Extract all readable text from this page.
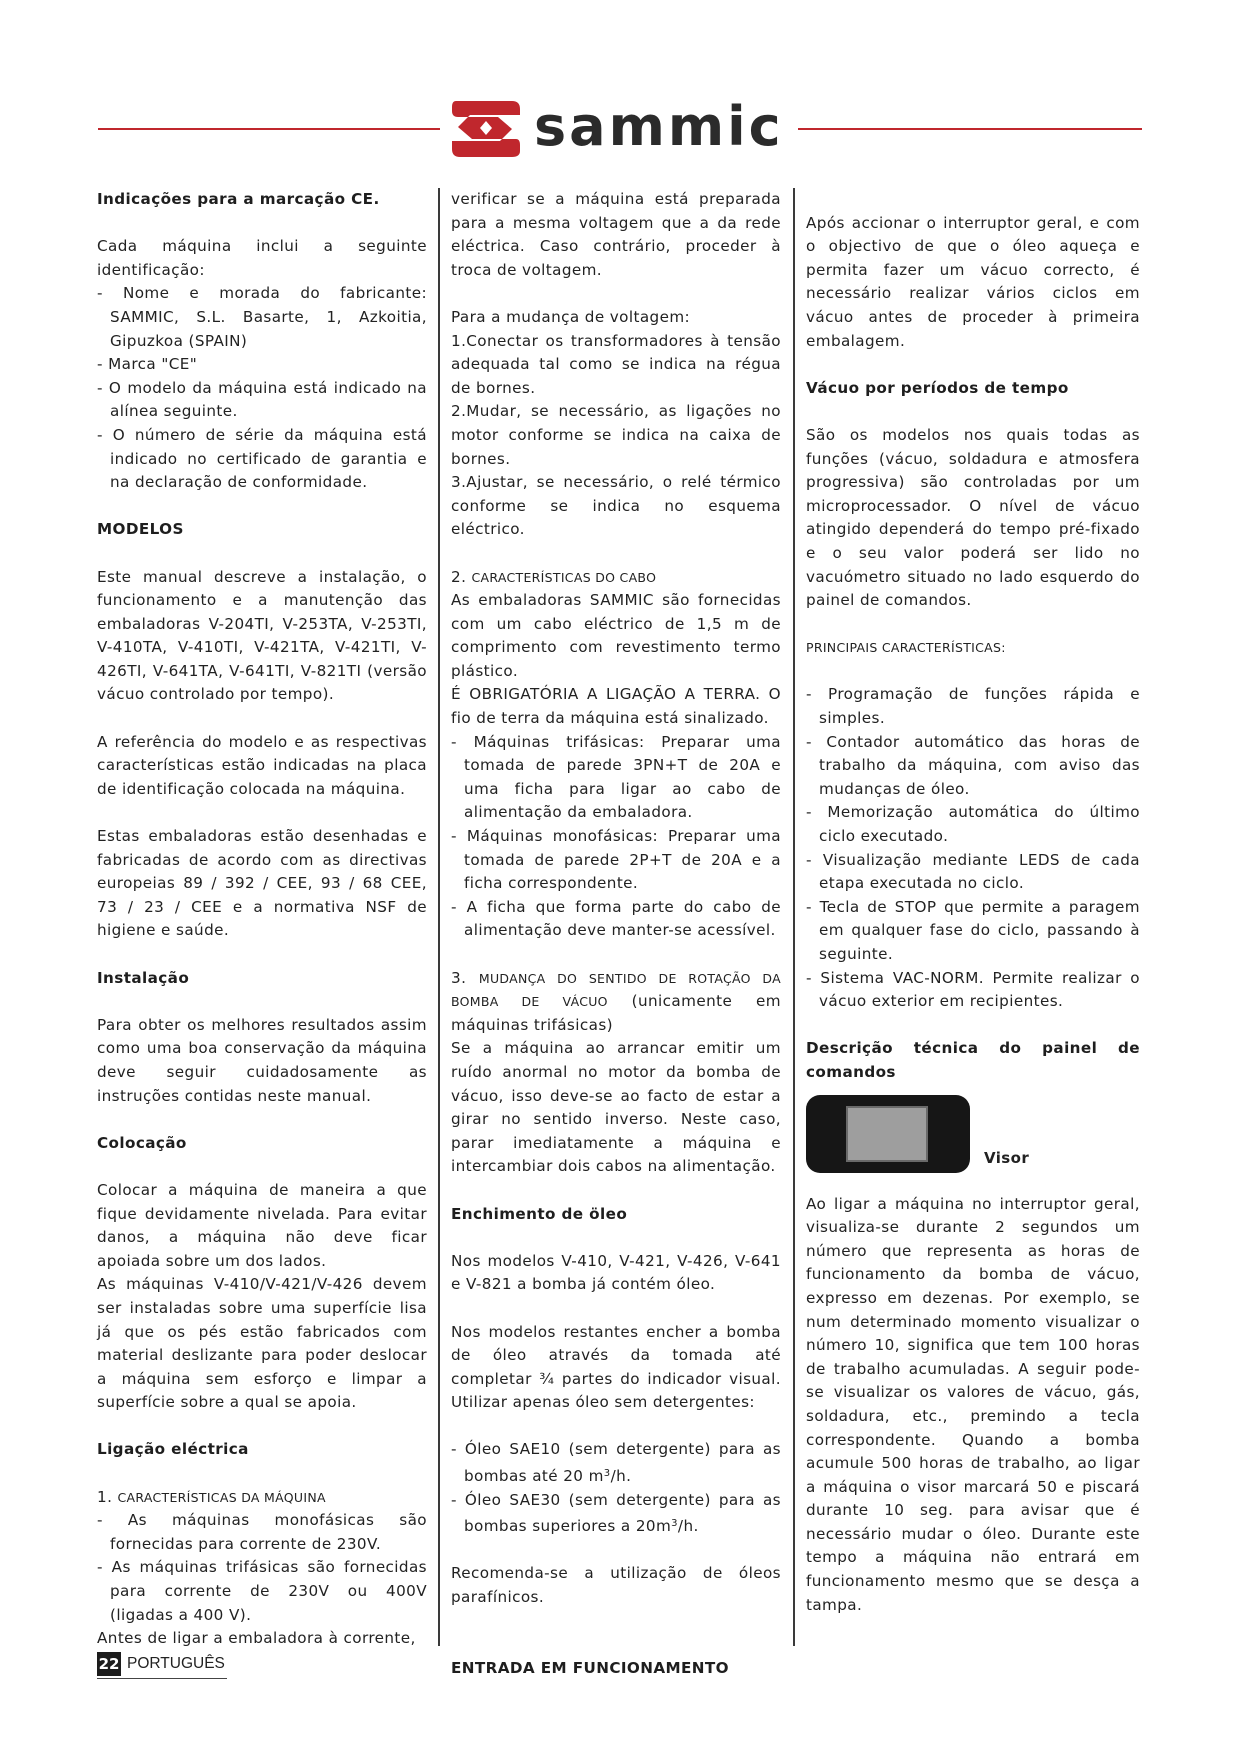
sammic

Indicações para a marcação CE.

Cada máquina inclui a seguinte identificação:

- Nome e morada do fabricante: SAMMIC, S.L. Basarte, 1, Azkoitia, Gipuzkoa (SPAIN)

- Marca "CE"

- O modelo da máquina está indicado na alínea seguinte.

- O número de série da máquina está indicado no certificado de garantia e na declaração de conformidade.

MODELOS

Este manual descreve a instalação, o funcionamento e a manutenção das embaladoras V-204TI, V-253TA, V-253TI, V-410TA, V-410TI, V-421TA, V-421TI, V-426TI, V-641TA, V-641TI, V-821TI (versão vácuo controlado por tempo).

A referência do modelo e as respectivas características estão indicadas na placa de identificação colocada na máquina.

Estas embaladoras estão desenhadas e fabricadas de acordo com as directivas europeias 89 / 392 / CEE, 93 / 68 CEE, 73 / 23 / CEE e a normativa NSF de higiene e saúde.

Instalação

Para obter os melhores resultados assim como uma boa conservação da máquina deve seguir cuidadosamente as instruções contidas neste manual.

Colocação

Colocar a máquina de maneira a que fique devidamente nivelada. Para evitar danos, a máquina não deve ficar apoiada sobre um dos lados.

As máquinas V-410/V-421/V-426 devem ser instaladas sobre uma superfície lisa já que os pés estão fabricados com material deslizante para poder deslocar a máquina sem esforço e limpar a superfície sobre a qual se apoia.

Ligação eléctrica

1. CARACTERÍSTICAS DA MÁQUINA

- As máquinas monofásicas são fornecidas para corrente de 230V.

- As máquinas trifásicas são fornecidas para corrente de 230V ou 400V (ligadas a 400 V).

Antes de ligar a embaladora à corrente,

verificar se a máquina está preparada para a mesma voltagem que a da rede eléctrica. Caso contrário, proceder à troca de voltagem.

Para a mudança de voltagem:

1.Conectar os transformadores à tensão adequada tal como se indica na régua de bornes.

2.Mudar, se necessário, as ligações no motor conforme se indica na caixa de bornes.

3.Ajustar, se necessário, o relé térmico conforme se indica no esquema eléctrico.

2. CARACTERÍSTICAS DO CABO

As embaladoras SAMMIC são fornecidas com um cabo eléctrico de 1,5 m de comprimento com revestimento termo plástico.

É OBRIGATÓRIA A LIGAÇÃO A TERRA. O fio de terra da máquina está sinalizado.

- Máquinas trifásicas: Preparar uma tomada de parede 3PN+T de 20A e uma ficha para ligar ao cabo de alimentação da embaladora.

- Máquinas monofásicas: Preparar uma tomada de parede 2P+T de 20A e a ficha correspondente.

- A ficha que forma parte do cabo de alimentação deve manter-se acessível.

3. MUDANÇA DO SENTIDO DE ROTAÇÃO DA BOMBA DE VÁCUO (unicamente em máquinas trifásicas)

Se a máquina ao arrancar emitir um ruído anormal no motor da bomba de vácuo, isso deve-se ao facto de estar a girar no sentido inverso. Neste caso, parar imediatamente a máquina e intercambiar dois cabos na alimentação.

Enchimento de öleo

Nos modelos V-410, V-421, V-426, V-641 e V-821 a bomba já contém óleo.

Nos modelos restantes encher a bomba de óleo através da tomada até completar ¾ partes do indicador visual. Utilizar apenas óleo sem detergentes:

- Óleo SAE10 (sem detergente) para as bombas até 20 $m^3/h$.

- Óleo SAE30 (sem detergente) para as bombas superiores a $20m^3/h$.

Recomenda-se a utilização de óleos parafínicos.

ENTRADA EM FUNCIONAMENTO

Após accionar o interruptor geral, e com o objectivo de que o óleo aqueça e permita fazer um vácuo correcto, é necessário realizar vários ciclos em vácuo antes de proceder à primeira embalagem.

Vácuo por períodos de tempo

São os modelos nos quais todas as funções (vácuo, soldadura e atmosfera progressiva) são controladas por um microprocessador. O nível de vácuo atingido dependerá do tempo pré-fixado e o seu valor poderá ser lido no vacuómetro situado no lado esquerdo do painel de comandos.

PRINCIPAIS CARACTERÍSTICAS:

- Programação de funções rápida e simples.

- Contador automático das horas de trabalho da máquina, com aviso das mudanças de óleo.

- Memorização automática do último ciclo executado.

- Visualização mediante LEDS de cada etapa executada no ciclo.

- Tecla de STOP que permite a paragem em qualquer fase do ciclo, passando à seguinte.

- Sistema VAC-NORM. Permite realizar o vácuo exterior em recipientes.

Descrição técnica do painel de comandos

Visor

Ao ligar a máquina no interruptor geral, visualiza-se durante 2 segundos um número que representa as horas de funcionamento da bomba de vácuo, expresso em dezenas. Por exemplo, se num determinado momento visualizar o número 10, significa que tem 100 horas de trabalho acumuladas. A seguir pode-se visualizar os valores de vácuo, gás, soldadura, etc., premindo a tecla correspondente. Quando a bomba acumule 500 horas de trabalho, ao ligar a máquina o visor marcará 50 e piscará durante 10 seg. para avisar que é necessário mudar o óleo. Durante este tempo a máquina não entrará em funcionamento mesmo que se desça a tampa.

22 PORTUGUÊS
